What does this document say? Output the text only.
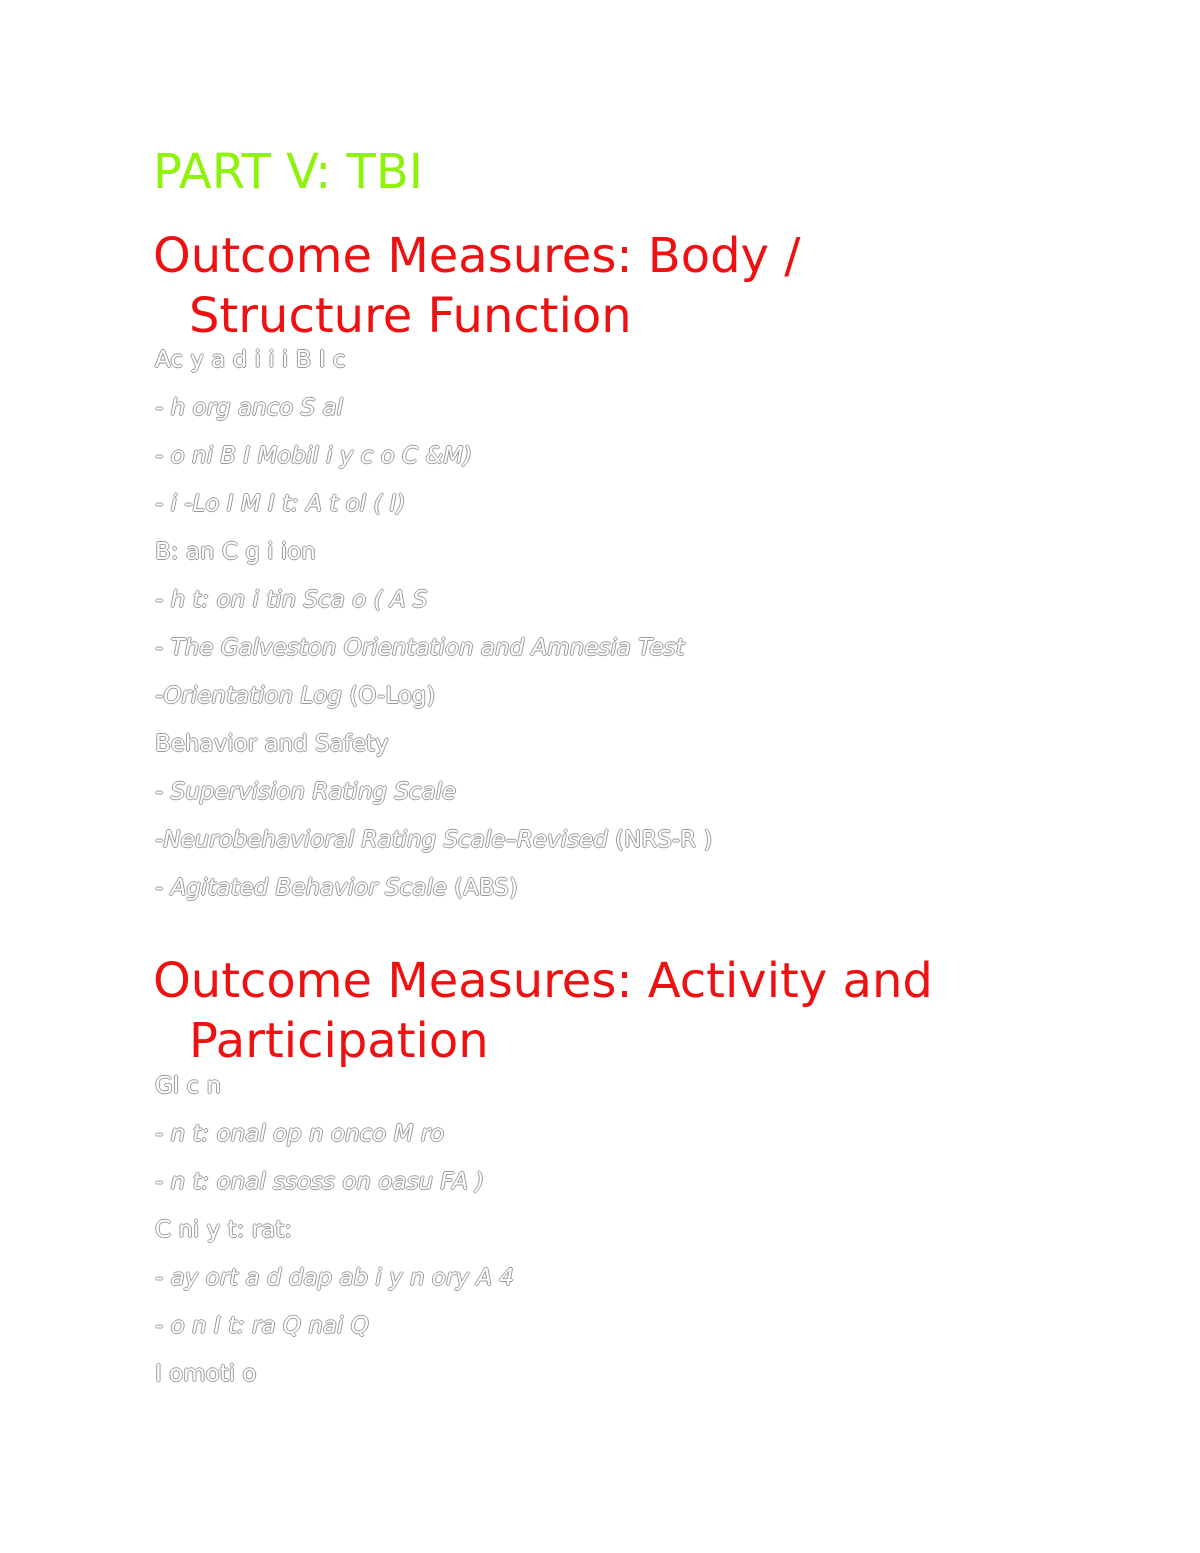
PART V: TBI
Outcome Measures: Body /
Structure Function

Ac y a d i i i B I c

- h org anco S al

- o ni B I Mobil i y c o C &M)

- i -Lo I M I t: A t ol ( I)

B: an C g i ion

- h t: on i tin Sca o ( A S

- The Galveston Orientation and Amnesia Test

-Orientation Log (O-Log)

Behavior and Safety

- Supervision Rating Scale

-Neurobehavioral Rating Scale–Revised (NRS-R )

- Agitated Behavior Scale (ABS)

Outcome Measures: Activity and
Participation

Gl c n

- n t: onal op n onco M ro

- n t: onal ssoss on oasu FA )

C ni y t: rat:

- ay ort a d dap ab i y n ory A 4

- o n I t: ra Q nai Q

I omoti o
